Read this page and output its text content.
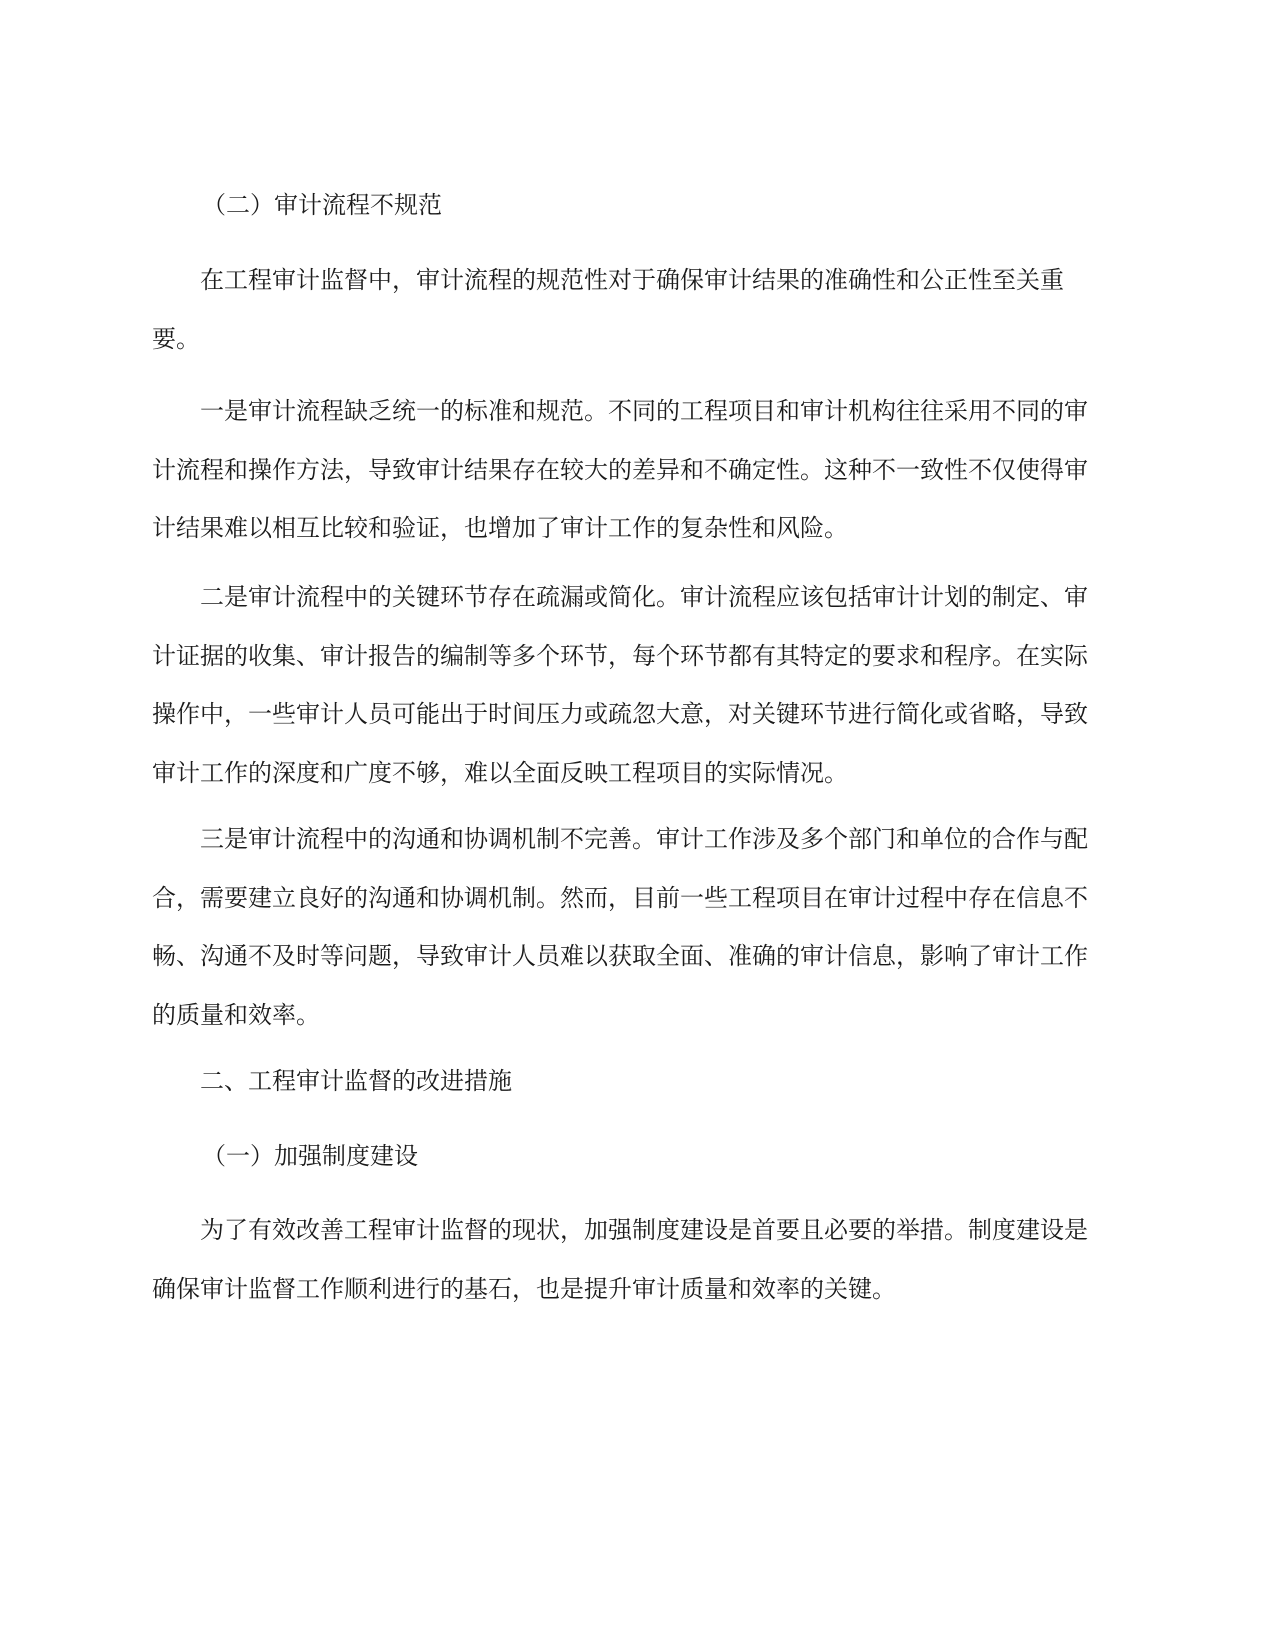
（二）审计流程不规范

在工程审计监督中，审计流程的规范性对于确保审计结果的准确性和公正性至关重要。

一是审计流程缺乏统一的标准和规范。不同的工程项目和审计机构往往采用不同的审计流程和操作方法，导致审计结果存在较大的差异和不确定性。这种不一致性不仅使得审计结果难以相互比较和验证，也增加了审计工作的复杂性和风险。

二是审计流程中的关键环节存在疏漏或简化。审计流程应该包括审计计划的制定、审计证据的收集、审计报告的编制等多个环节，每个环节都有其特定的要求和程序。在实际操作中，一些审计人员可能出于时间压力或疏忽大意，对关键环节进行简化或省略，导致审计工作的深度和广度不够，难以全面反映工程项目的实际情况。

三是审计流程中的沟通和协调机制不完善。审计工作涉及多个部门和单位的合作与配合，需要建立良好的沟通和协调机制。然而，目前一些工程项目在审计过程中存在信息不畅、沟通不及时等问题，导致审计人员难以获取全面、准确的审计信息，影响了审计工作的质量和效率。

二、工程审计监督的改进措施
（一）加强制度建设

为了有效改善工程审计监督的现状，加强制度建设是首要且必要的举措。制度建设是确保审计监督工作顺利进行的基石，也是提升审计质量和效率的关键。
